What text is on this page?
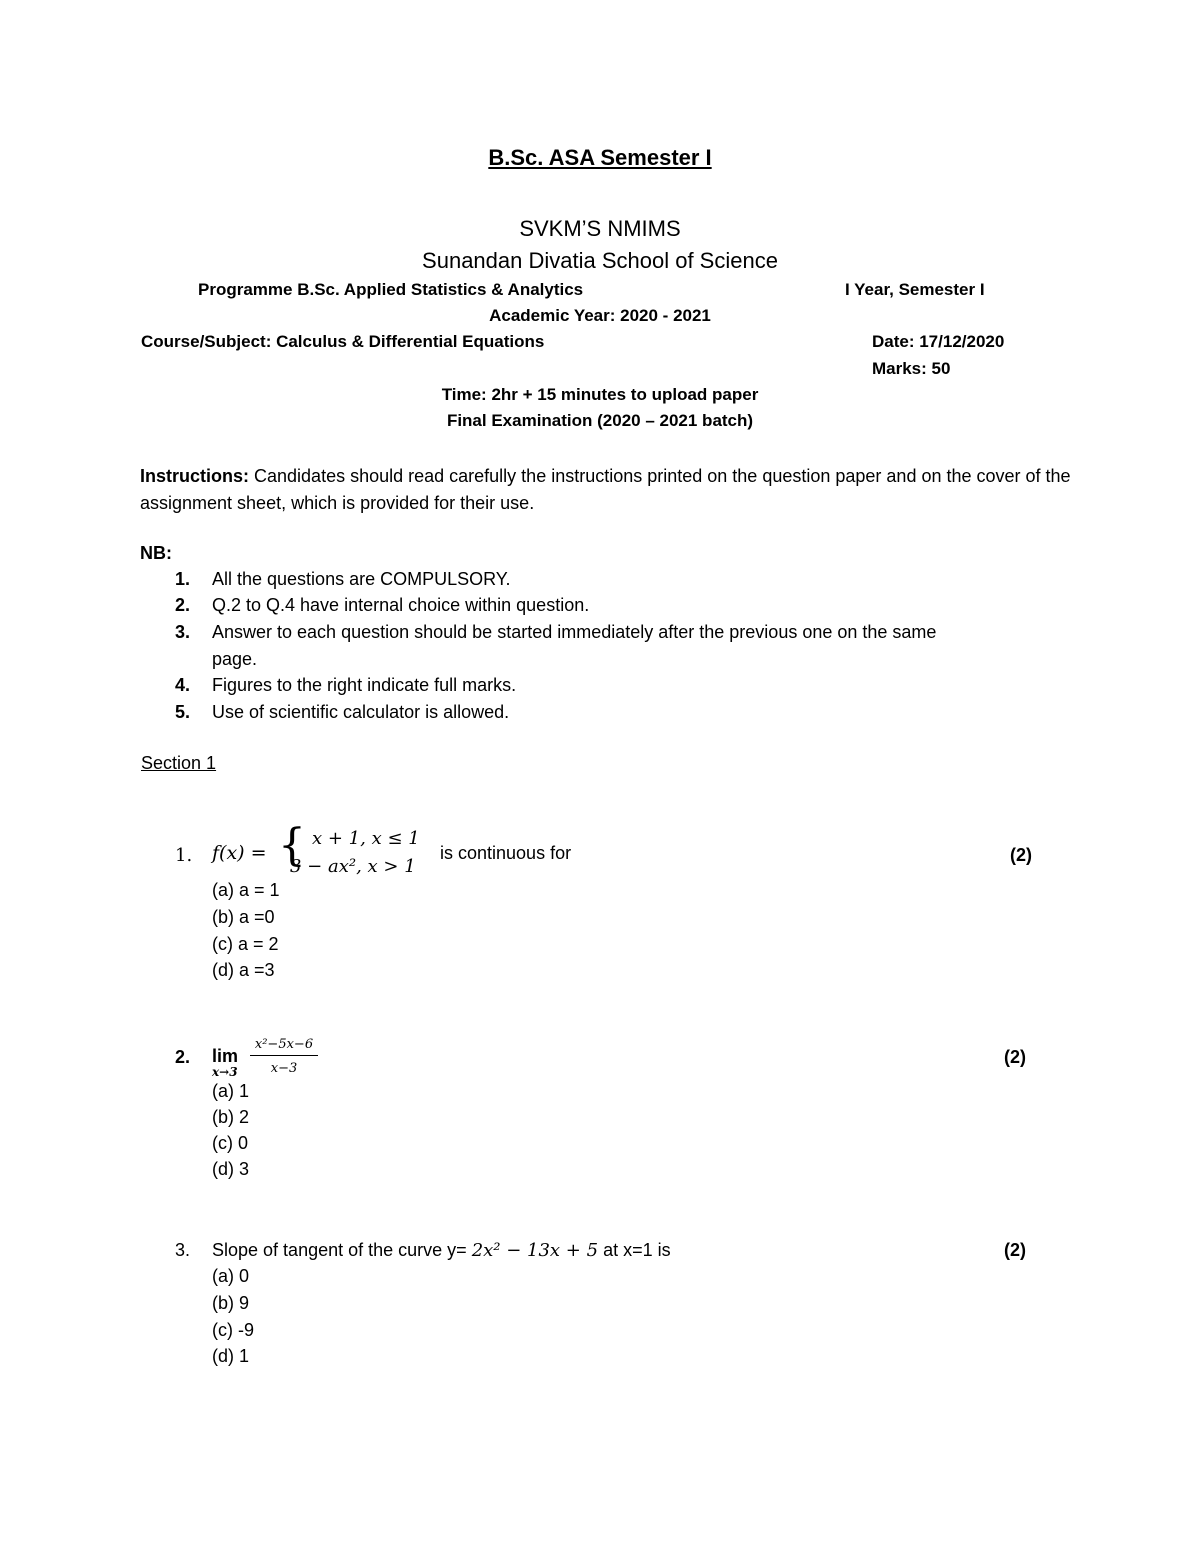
B.Sc. ASA Semester I
SVKM’S NMIMS
Sunandan Divatia School of Science
Programme B.Sc. Applied Statistics & Analytics	I Year, Semester I
Academic Year: 2020 - 2021
Course/Subject: Calculus & Differential Equations	Date: 17/12/2020
Marks: 50
Time: 2hr + 15 minutes to upload paper
Final Examination (2020 – 2021 batch)
Instructions: Candidates should read carefully the instructions printed on the question paper and on the cover of the assignment sheet, which is provided for their use.
NB:
1. All the questions are COMPULSORY.
2. Q.2 to Q.4 have internal choice within question.
3. Answer to each question should be started immediately after the previous one on the same
page.
4. Figures to the right indicate full marks.
5. Use of scientific calculator is allowed.
Section 1
1. f(x) = { x + 1, x ≤ 1
3 − ax², x > 1
is continuous for	(2)
(a) a = 1
(b) a =0
(c) a = 2
(d) a =3
2. lim
x→3
x²−5x−6
x−3
(2)
(a) 1
(b) 2
(c) 0
(d) 3
3. Slope of tangent of the curve y= 2x² − 13x + 5 at x=1 is	(2)
(a) 0
(b) 9
(c) -9
(d) 1
